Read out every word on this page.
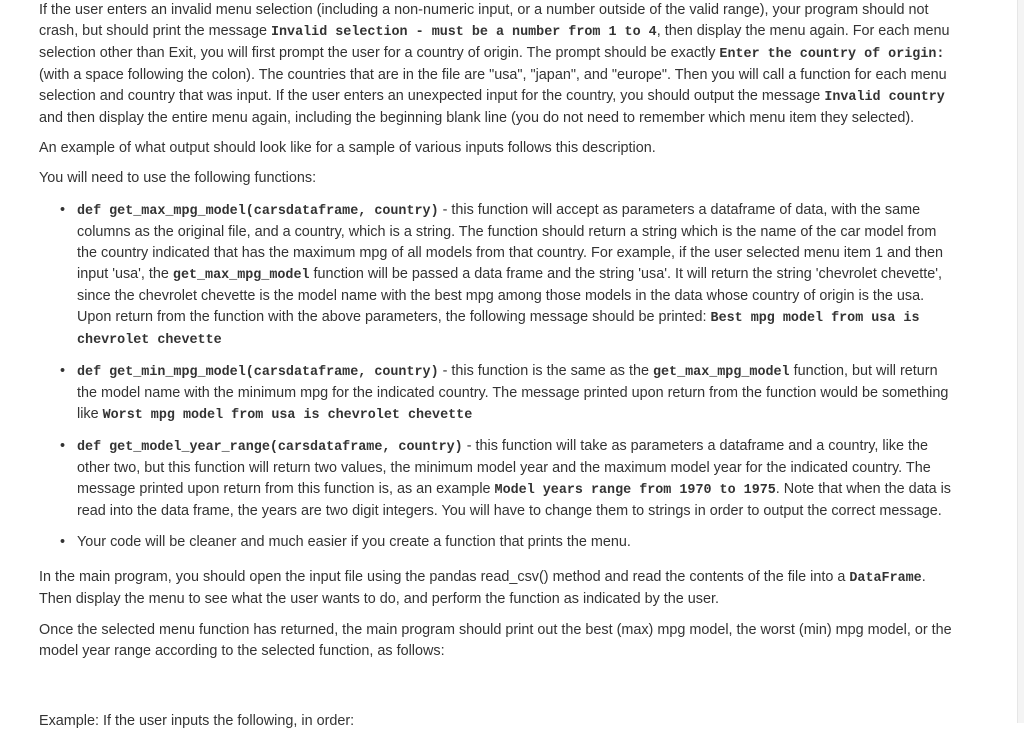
If the user enters an invalid menu selection (including a non-numeric input, or a number outside of the valid range), your program should not crash, but should print the message Invalid selection - must be a number from 1 to 4, then display the menu again. For each menu selection other than Exit, you will first prompt the user for a country of origin. The prompt should be exactly Enter the country of origin: (with a space following the colon). The countries that are in the file are "usa", "japan", and "europe". Then you will call a function for each menu selection and country that was input. If the user enters an unexpected input for the country, you should output the message Invalid country and then display the entire menu again, including the beginning blank line (you do not need to remember which menu item they selected).

An example of what output should look like for a sample of various inputs follows this description.

You will need to use the following functions:

• def get_max_mpg_model(carsdataframe, country) - this function will accept as parameters a dataframe of data, with the same columns as the original file, and a country, which is a string. The function should return a string which is the name of the car model from the country indicated that has the maximum mpg of all models from that country. For example, if the user selected menu item 1 and then input 'usa', the get_max_mpg_model function will be passed a data frame and the string 'usa'. It will return the string 'chevrolet chevette', since the chevrolet chevette is the model name with the best mpg among those models in the data whose country of origin is the usa. Upon return from the function with the above parameters, the following message should be printed: Best mpg model from usa is chevrolet chevette
• def get_min_mpg_model(carsdataframe, country) - this function is the same as the get_max_mpg_model function, but will return the model name with the minimum mpg for the indicated country. The message printed upon return from the function would be something like Worst mpg model from usa is chevrolet chevette
• def get_model_year_range(carsdataframe, country) - this function will take as parameters a dataframe and a country, like the other two, but this function will return two values, the minimum model year and the maximum model year for the indicated country. The message printed upon return from this function is, as an example Model years range from 1970 to 1975. Note that when the data is read into the data frame, the years are two digit integers. You will have to change them to strings in order to output the correct message.
• Your code will be cleaner and much easier if you create a function that prints the menu.

In the main program, you should open the input file using the pandas read_csv() method and read the contents of the file into a DataFrame. Then display the menu to see what the user wants to do, and perform the function as indicated by the user.

Once the selected menu function has returned, the main program should print out the best (max) mpg model, the worst (min) mpg model, or the model year range according to the selected function, as follows:

Example: If the user inputs the following, in order:
